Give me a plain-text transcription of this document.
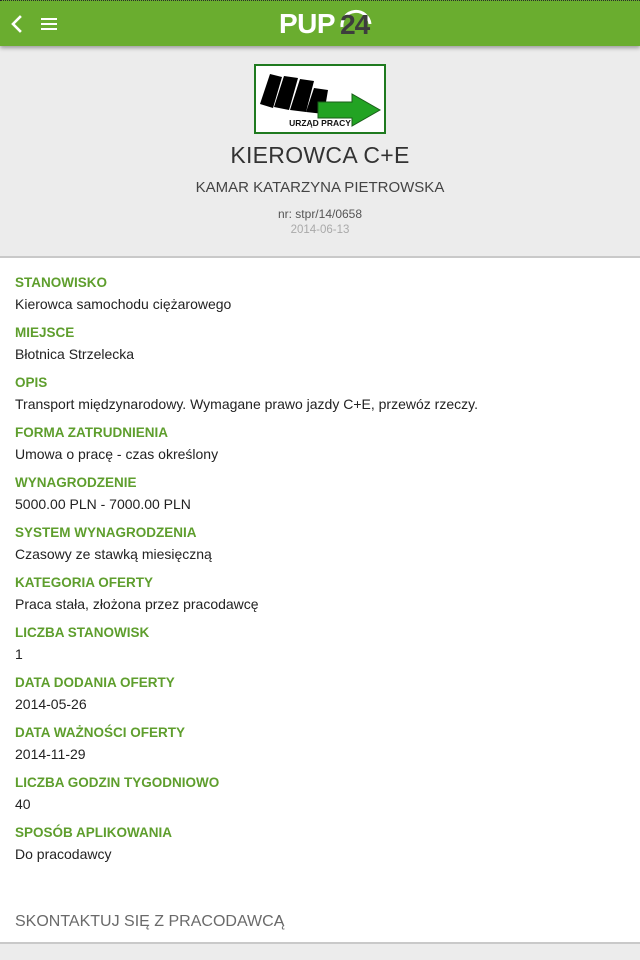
PUP 24
URZĄD PRACY
KIEROWCA C+E
KAMAR KATARZYNA PIETROWSKA
nr: stpr/14/0658
2014-06-13
STANOWISKO
Kierowca samochodu ciężarowego
MIEJSCE
Błotnica Strzelecka
OPIS
Transport międzynarodowy. Wymagane prawo jazdy C+E, przewóz rzeczy.
FORMA ZATRUDNIENIA
Umowa o pracę - czas określony
WYNAGRODZENIE
5000.00 PLN - 7000.00 PLN
SYSTEM WYNAGRODZENIA
Czasowy ze stawką miesięczną
KATEGORIA OFERTY
Praca stała, złożona przez pracodawcę
LICZBA STANOWISK
1
DATA DODANIA OFERTY
2014-05-26
DATA WAŻNOŚCI OFERTY
2014-11-29
LICZBA GODZIN TYGODNIOWO
40
SPOSÓB APLIKOWANIA
Do pracodawcy
SKONTAKTUJ SIĘ Z PRACODAWCĄ
